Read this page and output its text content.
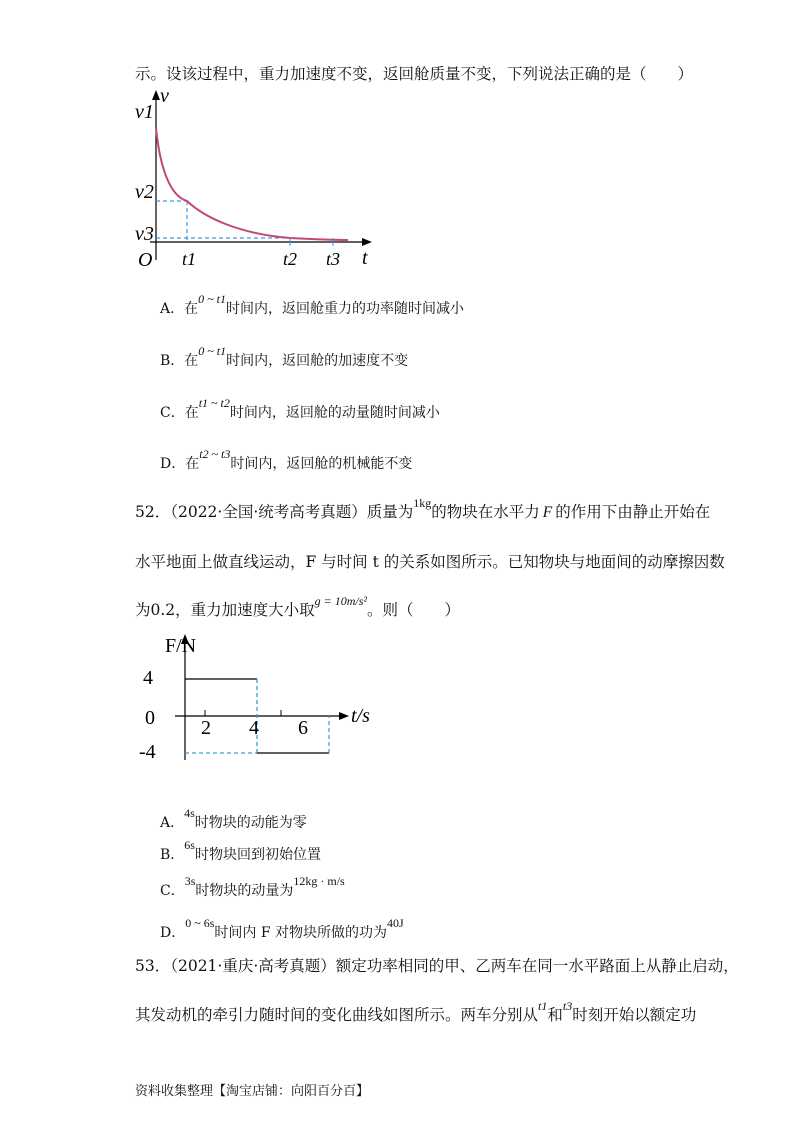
示。设该过程中，重力加速度不变，返回舱质量不变，下列说法正确的是（　　）
v
v1
v2
v3
O t1	t2 t3 t
A．在0 ~ t1时间内，返回舱重力的功率随时间减小
B．在0 ~ t1时间内，返回舱的加速度不变
C．在t1 ~ t2时间内，返回舱的动量随时间减小
D．在t2 ~ t3时间内，返回舱的机械能不变
52．（2022·全国·统考高考真题）质量为$^{1kg}$的物块在水平力 F 的作用下由静止开始在
水平地面上做直线运动，F 与时间 t 的关系如图所示。已知物块与地面间的动摩擦因数
为0.2，重力加速度大小取$^{g = 10m/s^2}$。则（　　）
F/N
4
0
-4
2 4 6
t/s
A．4s时物块的动能为零
B．6s时物块回到初始位置
C．3s时物块的动量为12kg · m/s
D．0 ~ 6s时间内 F 对物块所做的功为40J
53．（2021·重庆·高考真题）额定功率相同的甲、乙两车在同一水平路面上从静止启动，
其发动机的牵引力随时间的变化曲线如图所示。两车分别从$^{t1}$和$^{t3}$时刻开始以额定功
资料收集整理【淘宝店铺：向阳百分百】
